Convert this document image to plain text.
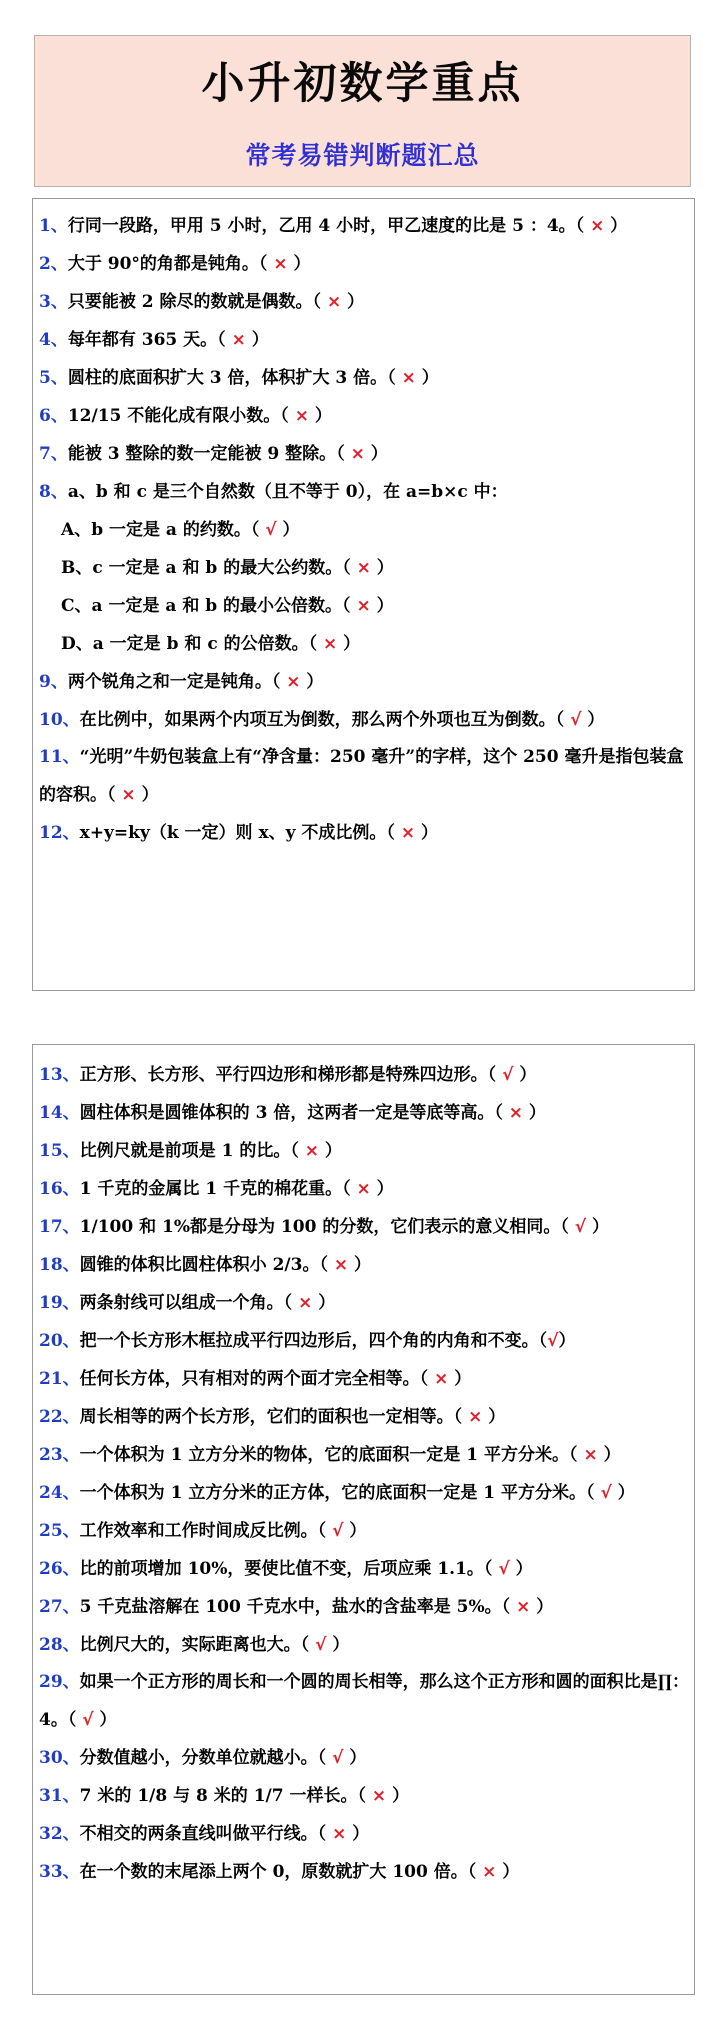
小升初数学重点
常考易错判断题汇总
1、行同一段路，甲用 5 小时，乙用 4 小时，甲乙速度的比是 5 ：4。（ × ）
2、大于 90°的角都是钝角。（ × ）
3、只要能被 2 除尽的数就是偶数。（ × ）
4、每年都有 365 天。（ × ）
5、圆柱的底面积扩大 3 倍，体积扩大 3 倍。（ × ）
6、12/15 不能化成有限小数。（ × ）
7、能被 3 整除的数一定能被 9 整除。（ × ）
8、a、b 和 c 是三个自然数（且不等于 0），在 a=b×c 中：
A、b 一定是 a 的约数。（ √ ）
B、c 一定是 a 和 b 的最大公约数。（ × ）
C、a 一定是 a 和 b 的最小公倍数。（ × ）
D、a 一定是 b 和 c 的公倍数。（ × ）
9、两个锐角之和一定是钝角。（ × ）
10、在比例中，如果两个内项互为倒数，那么两个外项也互为倒数。（ √ ）
11、“光明”牛奶包装盒上有“净含量：250 毫升”的字样，这个 250 毫升是指包装盒的容积。（ × ）
12、x+y=ky（k 一定）则 x、y 不成比例。（ × ）
13、正方形、长方形、平行四边形和梯形都是特殊四边形。（ √ ）
14、圆柱体积是圆锥体积的 3 倍，这两者一定是等底等高。（ × ）
15、比例尺就是前项是 1 的比。（ × ）
16、1 千克的金属比 1 千克的棉花重。（ × ）
17、1/100 和 1%都是分母为 100 的分数，它们表示的意义相同。（ √ ）
18、圆锥的体积比圆柱体积小 2/3。（ × ）
19、两条射线可以组成一个角。（ × ）
20、把一个长方形木框拉成平行四边形后，四个角的内角和不变。（√）
21、任何长方体，只有相对的两个面才完全相等。（ × ）
22、周长相等的两个长方形，它们的面积也一定相等。（ × ）
23、一个体积为 1 立方分米的物体，它的底面积一定是 1 平方分米。（ × ）
24、一个体积为 1 立方分米的正方体，它的底面积一定是 1 平方分米。（ √ ）
25、工作效率和工作时间成反比例。（ √ ）
26、比的前项增加 10%，要使比值不变，后项应乘 1.1。（ √ ）
27、5 千克盐溶解在 100 千克水中，盐水的含盐率是 5%。（ × ）
28、比例尺大的，实际距离也大。（ √ ）
29、如果一个正方形的周长和一个圆的周长相等，那么这个正方形和圆的面积比是∏：4。（ √ ）
30、分数值越小，分数单位就越小。（ √ ）
31、7 米的 1/8 与 8 米的 1/7 一样长。（ × ）
32、不相交的两条直线叫做平行线。（ × ）
33、在一个数的末尾添上两个 0，原数就扩大 100 倍。（ × ）
